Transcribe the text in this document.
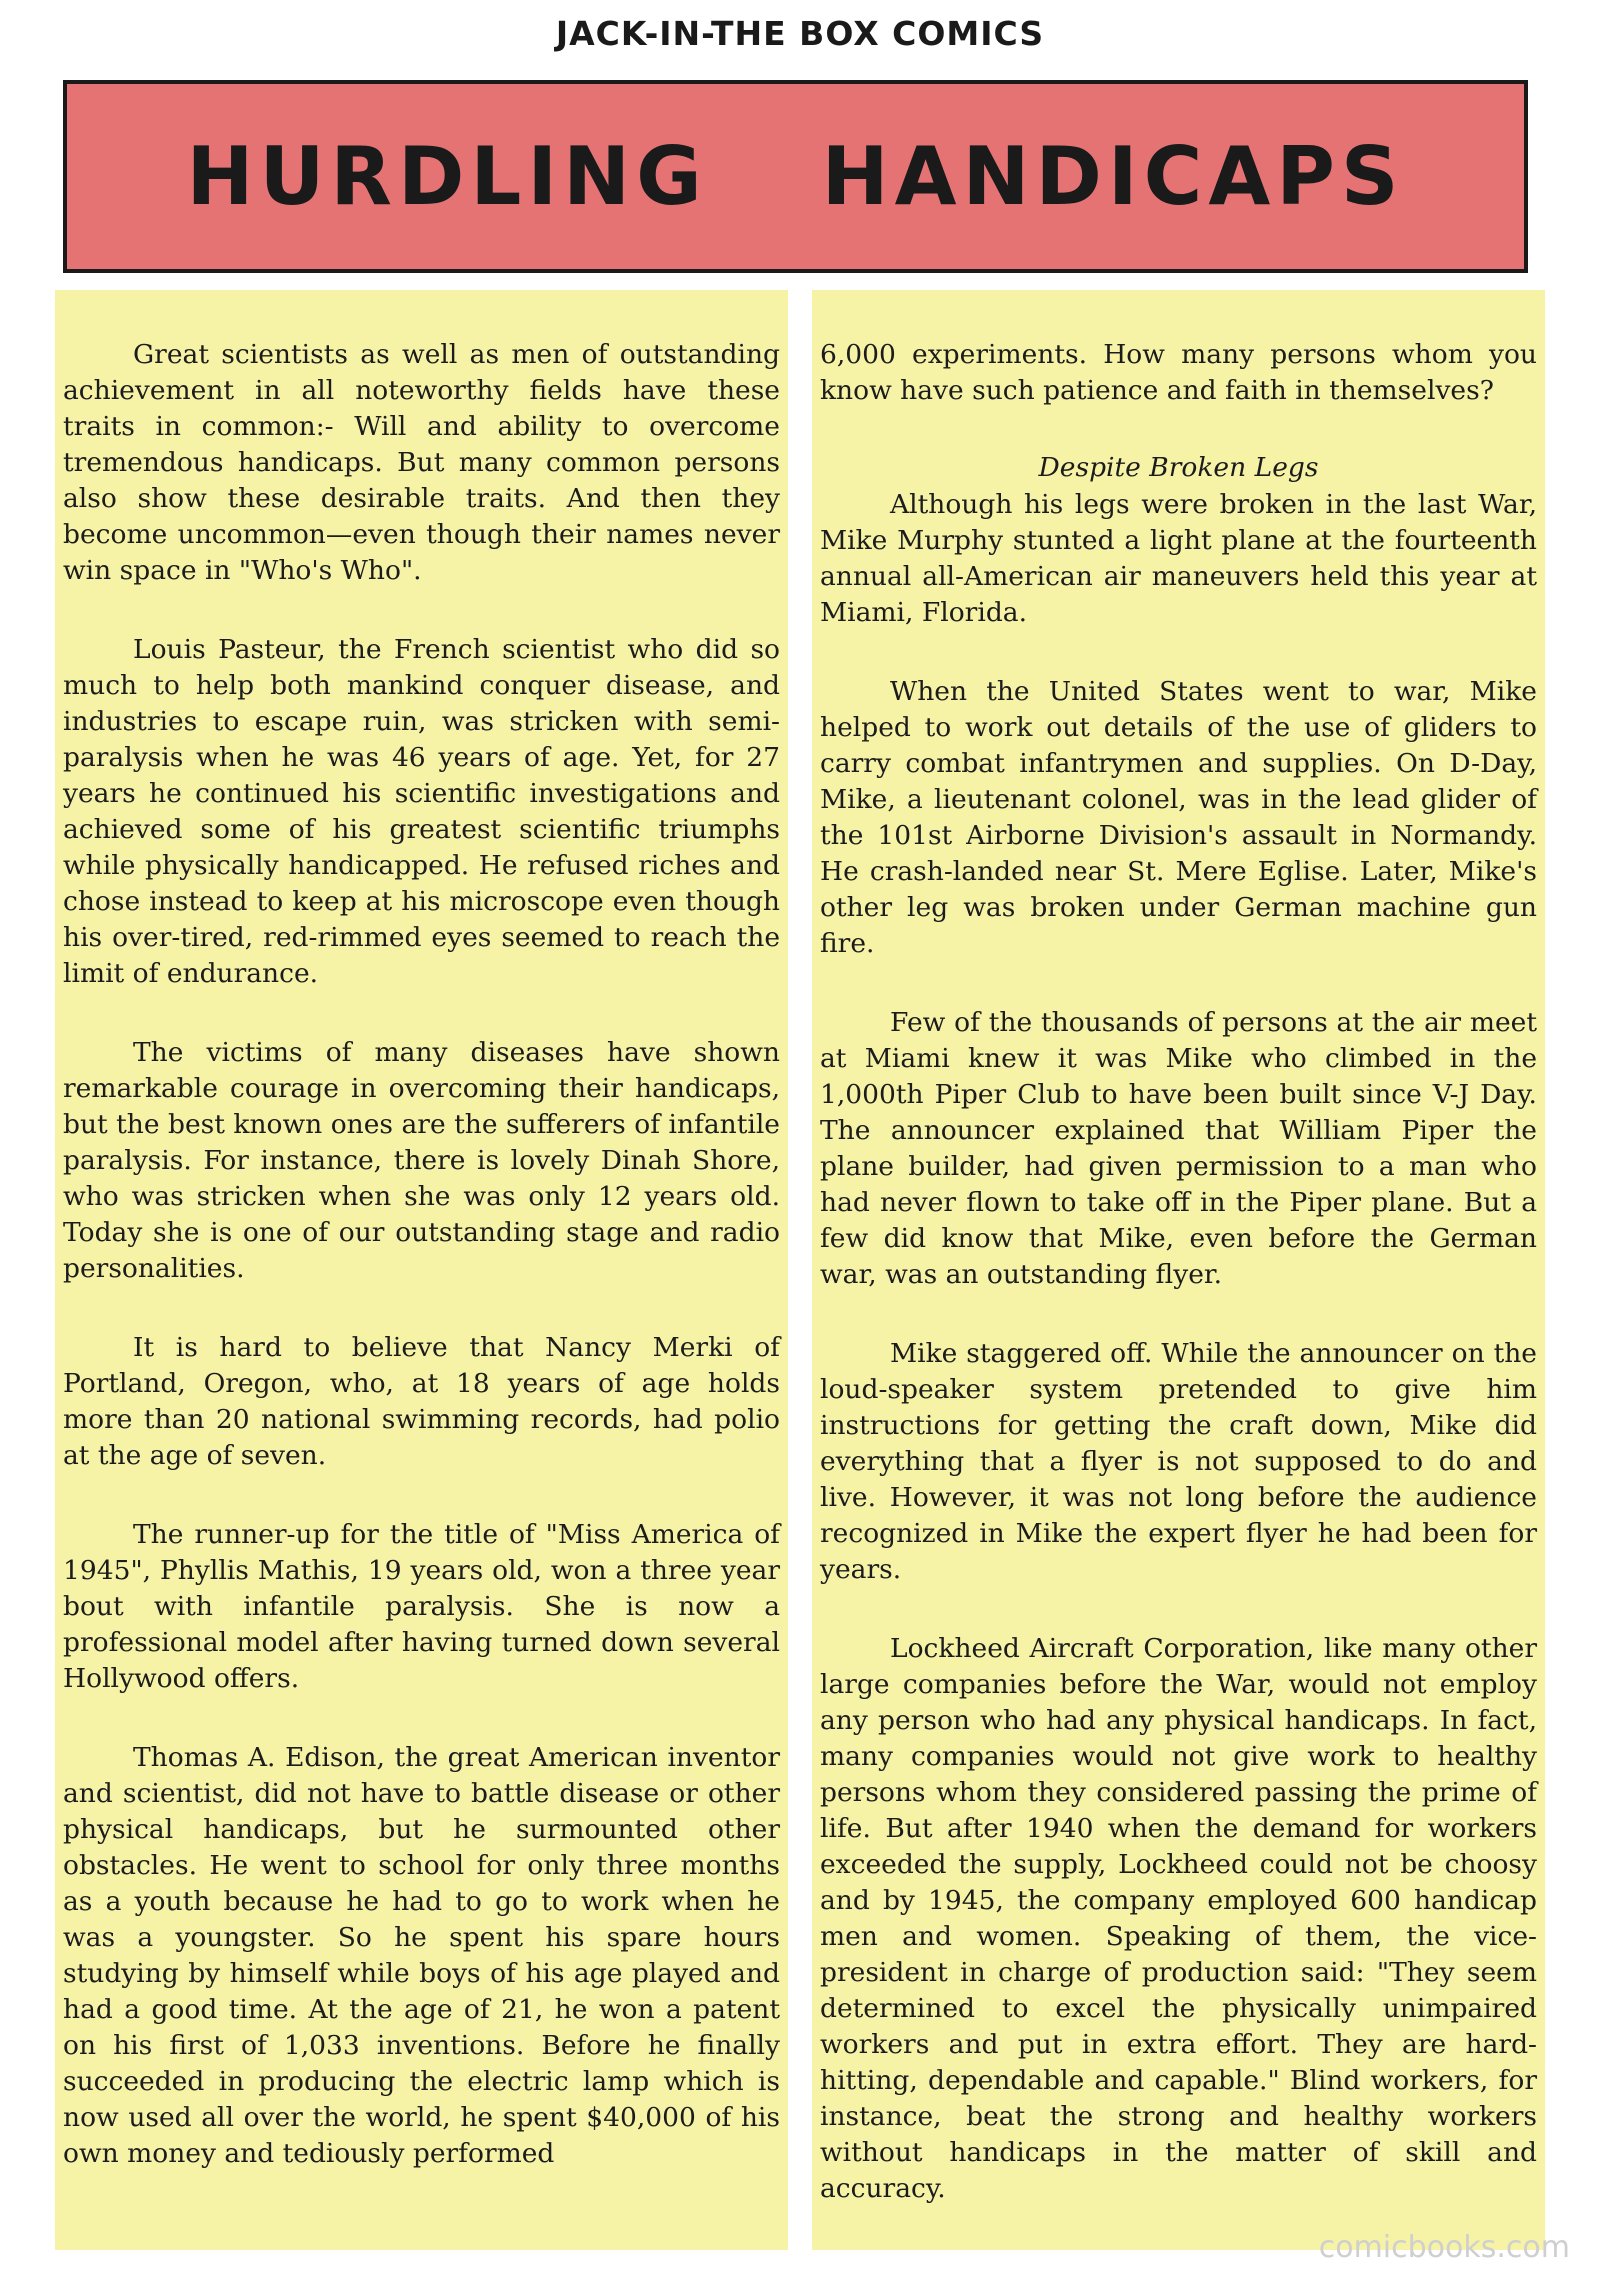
JACK-IN-THE BOX COMICS
HURDLING HANDICAPS

Great scientists as well as men of outstanding achievement in all noteworthy fields have these traits in common:- Will and ability to overcome tremendous handicaps. But many common persons also show these desirable traits. And then they become uncommon—even though their names never win space in "Who's Who".

Louis Pasteur, the French scientist who did so much to help both mankind conquer disease, and industries to escape ruin, was stricken with semi-paralysis when he was 46 years of age. Yet, for 27 years he continued his scientific investigations and achieved some of his greatest scientific triumphs while physically handicapped. He refused riches and chose instead to keep at his microscope even though his over-tired, red-rimmed eyes seemed to reach the limit of endurance.

The victims of many diseases have shown remarkable courage in overcoming their handicaps, but the best known ones are the sufferers of infantile paralysis. For instance, there is lovely Dinah Shore, who was stricken when she was only 12 years old. Today she is one of our outstanding stage and radio personalities.

It is hard to believe that Nancy Merki of Portland, Oregon, who, at 18 years of age holds more than 20 national swimming records, had polio at the age of seven.

The runner-up for the title of "Miss America of 1945", Phyllis Mathis, 19 years old, won a three year bout with infantile paralysis. She is now a professional model after having turned down several Hollywood offers.

Thomas A. Edison, the great American inventor and scientist, did not have to battle disease or other physical handicaps, but he surmounted other obstacles. He went to school for only three months as a youth because he had to go to work when he was a youngster. So he spent his spare hours studying by himself while boys of his age played and had a good time. At the age of 21, he won a patent on his first of 1,033 inventions. Before he finally succeeded in producing the electric lamp which is now used all over the world, he spent $40,000 of his own money and tediously performed

6,000 experiments. How many persons whom you know have such patience and faith in themselves?

Despite Broken Legs

Although his legs were broken in the last War, Mike Murphy stunted a light plane at the fourteenth annual all-American air maneuvers held this year at Miami, Florida.

When the United States went to war, Mike helped to work out details of the use of gliders to carry combat infantrymen and supplies. On D-Day, Mike, a lieutenant colonel, was in the lead glider of the 101st Airborne Division's assault in Normandy. He crash-landed near St. Mere Eglise. Later, Mike's other leg was broken under German machine gun fire.

Few of the thousands of persons at the air meet at Miami knew it was Mike who climbed in the 1,000th Piper Club to have been built since V-J Day. The announcer explained that William Piper the plane builder, had given permission to a man who had never flown to take off in the Piper plane. But a few did know that Mike, even before the German war, was an outstanding flyer.

Mike staggered off. While the announcer on the loud-speaker system pretended to give him instructions for getting the craft down, Mike did everything that a flyer is not supposed to do and live. However, it was not long before the audience recognized in Mike the expert flyer he had been for years.

Lockheed Aircraft Corporation, like many other large companies before the War, would not employ any person who had any physical handicaps. In fact, many companies would not give work to healthy persons whom they considered passing the prime of life. But after 1940 when the demand for workers exceeded the supply, Lockheed could not be choosy and by 1945, the company employed 600 handicap men and women. Speaking of them, the vice-president in charge of production said: "They seem determined to excel the physically unimpaired workers and put in extra effort. They are hard-hitting, dependable and capable." Blind workers, for instance, beat the strong and healthy workers without handicaps in the matter of skill and accuracy.

comicbooks.com
